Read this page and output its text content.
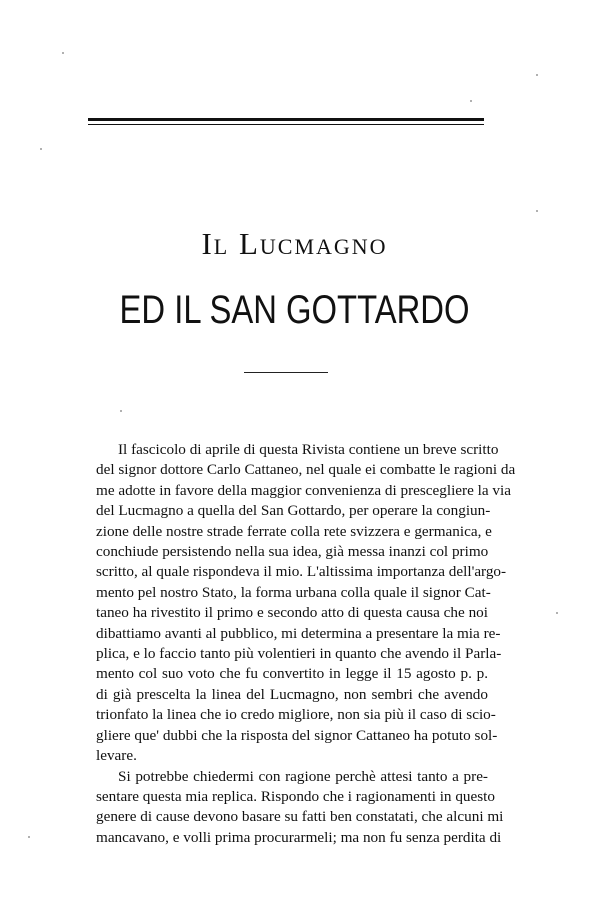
Il Lucmagno
ED IL SAN GOTTARDO
Il fascicolo di aprile di questa Rivista contiene un breve scritto
del signor dottore Carlo Cattaneo, nel quale ei combatte le ragioni da
me adotte in favore della maggior convenienza di prescegliere la via
del Lucmagno a quella del San Gottardo, per operare la congiun-
zione delle nostre strade ferrate colla rete svizzera e germanica, e
conchiude persistendo nella sua idea, già messa inanzi col primo
scritto, al quale rispondeva il mio. L'altissima importanza dell'argo-
mento pel nostro Stato, la forma urbana colla quale il signor Cat-
taneo ha rivestito il primo e secondo atto di questa causa che noi
dibattiamo avanti al pubblico, mi determina a presentare la mia re-
plica, e lo faccio tanto più volentieri in quanto che avendo il Parla-
mento col suo voto che fu convertito in legge il 15 agosto p. p.
di già prescelta la linea del Lucmagno, non sembri che avendo
trionfato la linea che io credo migliore, non sia più il caso di scio-
gliere que' dubbi che la risposta del signor Cattaneo ha potuto sol-
levare.
Si potrebbe chiedermi con ragione perchè attesi tanto a pre-
sentare questa mia replica. Rispondo che i ragionamenti in questo
genere di cause devono basare su fatti ben constatati, che alcuni mi
mancavano, e volli prima procurarmeli; ma non fu senza perdita di
